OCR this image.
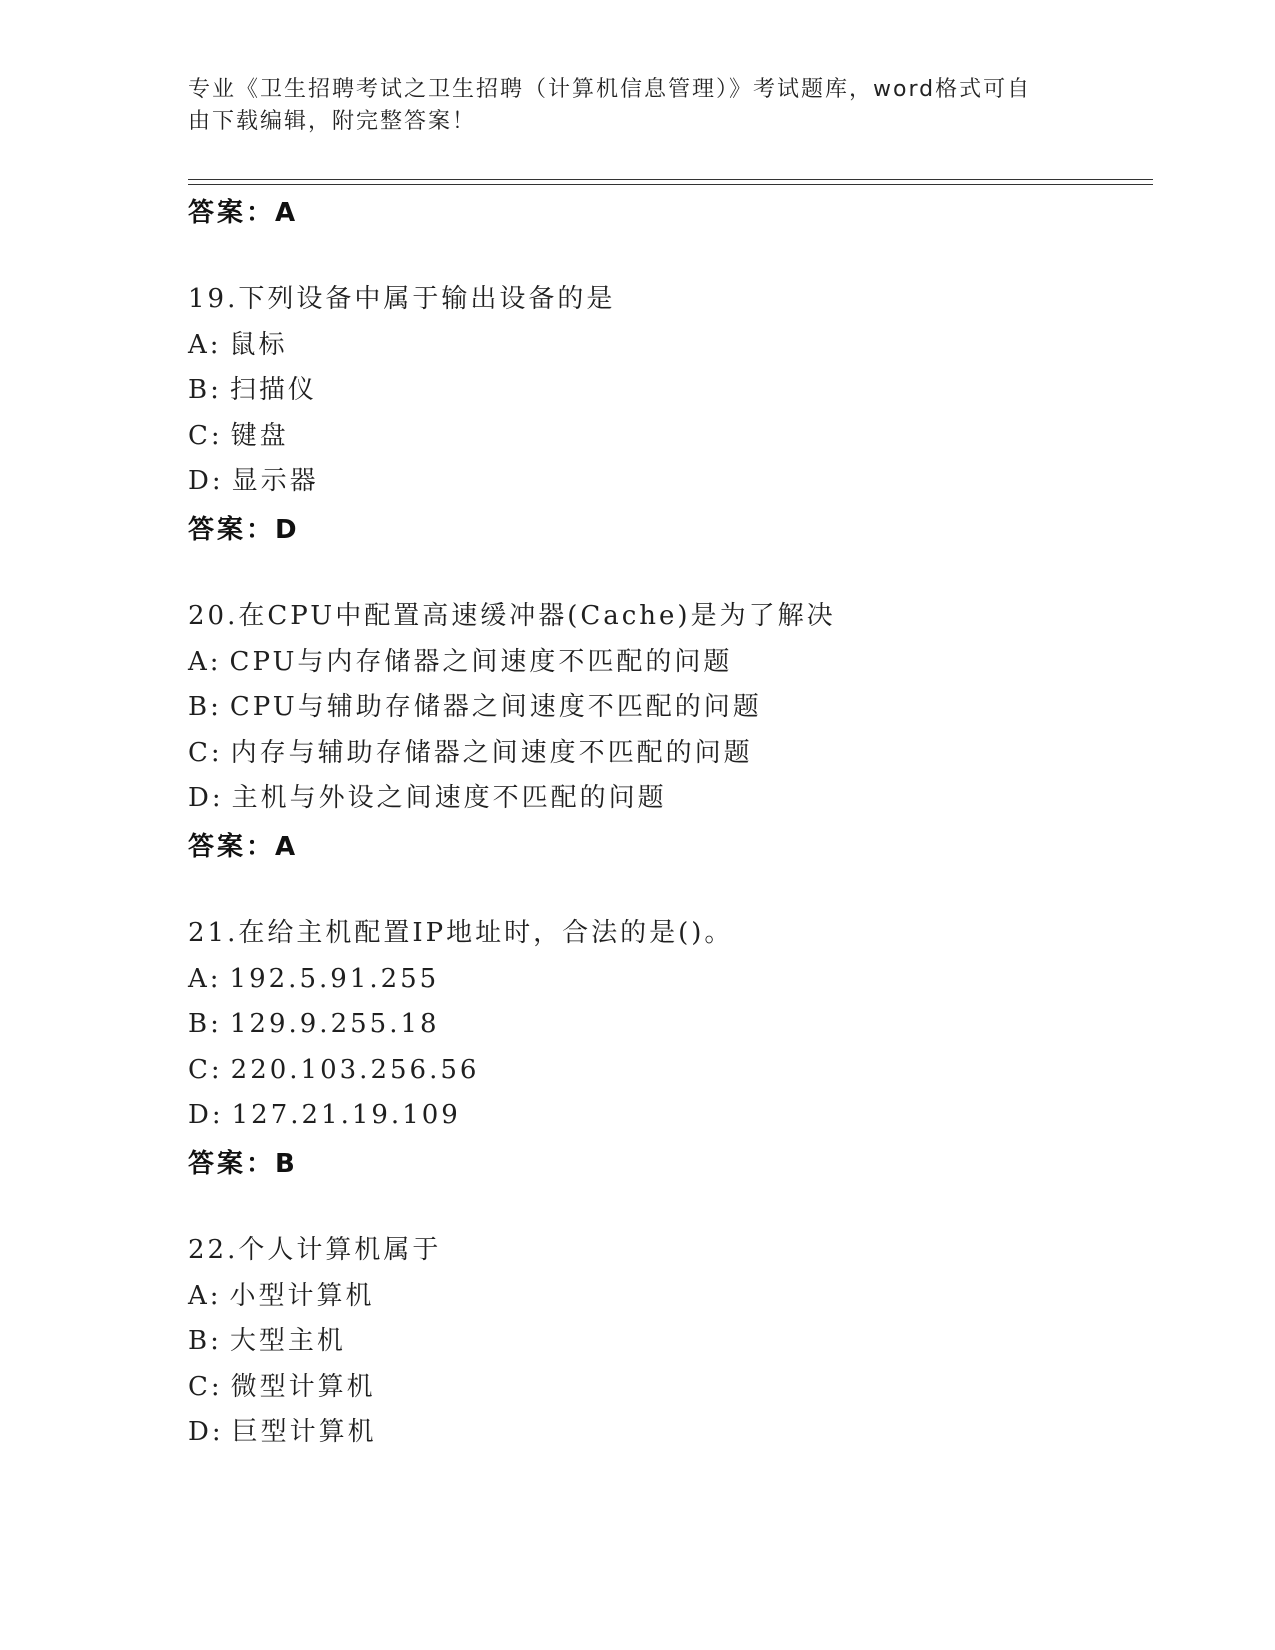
专业《卫生招聘考试之卫生招聘（计算机信息管理）》考试题库，word格式可自

由下载编辑，附完整答案！

答案：A
19.下列设备中属于输出设备的是
A: 鼠标
B: 扫描仪
C: 键盘
D: 显示器
答案：D
20.在CPU中配置高速缓冲器(Cache)是为了解决
A: CPU与内存储器之间速度不匹配的问题
B: CPU与辅助存储器之间速度不匹配的问题
C: 内存与辅助存储器之间速度不匹配的问题
D: 主机与外设之间速度不匹配的问题
答案：A
21.在给主机配置IP地址时，合法的是()。
A: 192.5.91.255
B: 129.9.255.18
C: 220.103.256.56
D: 127.21.19.109
答案：B
22.个人计算机属于
A: 小型计算机
B: 大型主机
C: 微型计算机
D: 巨型计算机
